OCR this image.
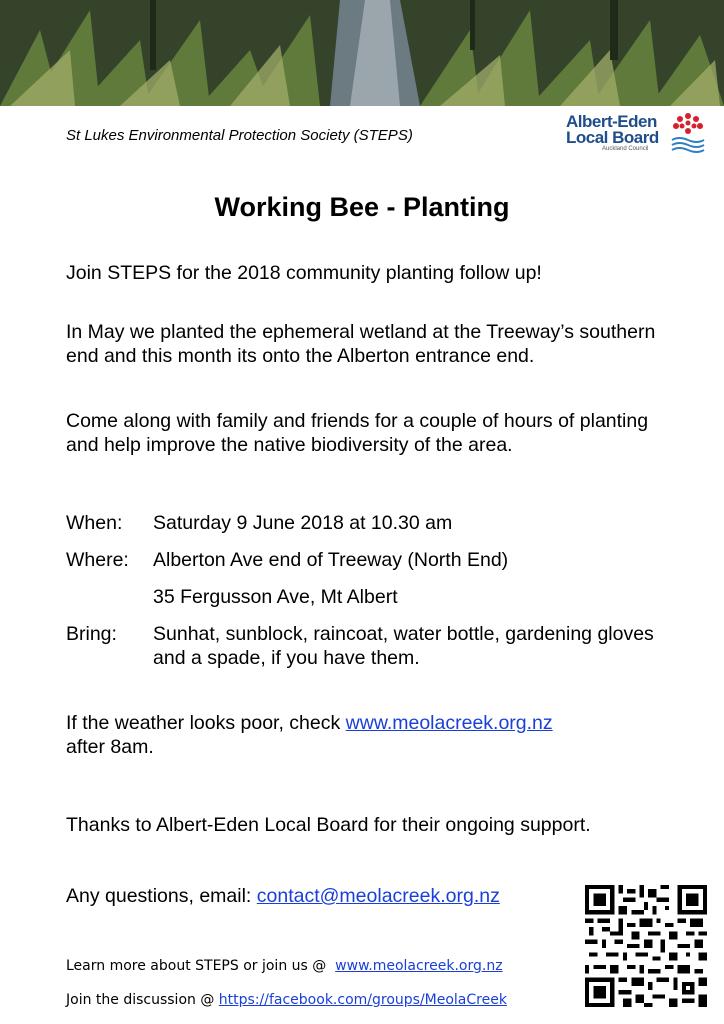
St Lukes Environmental Protection Society (STEPS)
Albert-Eden
Local Board
Auckland Council
Working Bee - Planting
Join STEPS for the 2018 community planting follow up!
In May we planted the ephemeral wetland at the Treeway’s southern end and this month its onto the Alberton entrance end.
Come along with family and friends for a couple of hours of planting and help improve the native biodiversity of the area.
When: Saturday 9 June 2018 at 10.30 am
Where: Alberton Ave end of Treeway (North End)
35 Fergusson Ave, Mt Albert
Bring: Sunhat, sunblock, raincoat, water bottle, gardening gloves and a spade, if you have them.
If the weather looks poor, check www.meolacreek.org.nz
after 8am.
Thanks to Albert-Eden Local Board for their ongoing support.
Any questions, email: contact@meolacreek.org.nz
Learn more about STEPS or join us @  www.meolacreek.org.nz
Join the discussion @ https://facebook.com/groups/MeolaCreek
